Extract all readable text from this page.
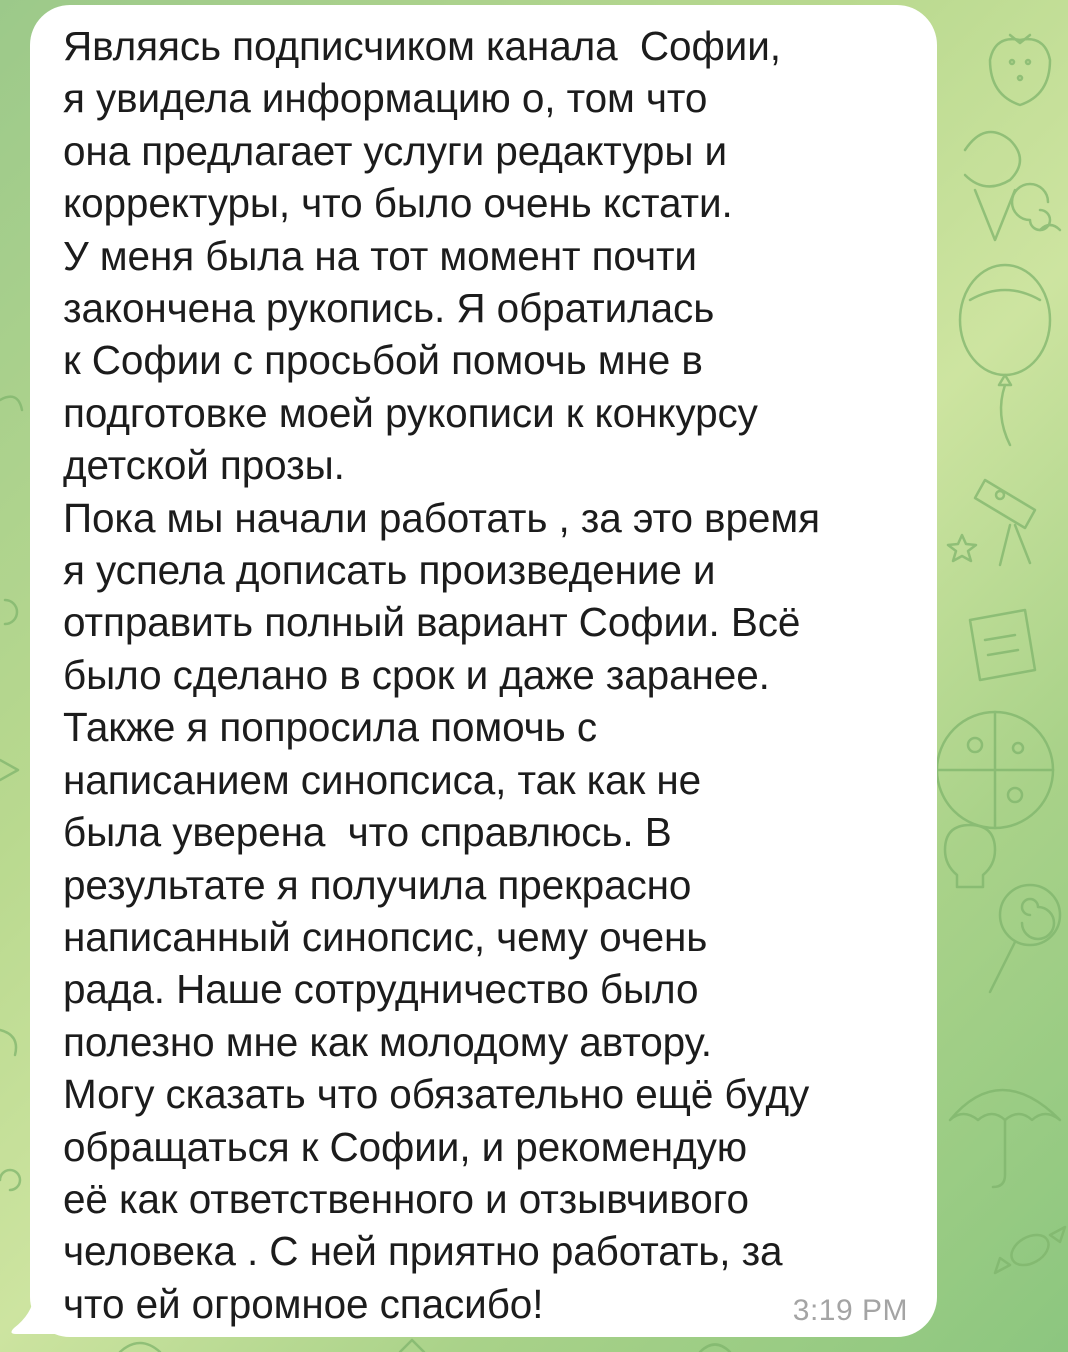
Являясь подписчиком канала  Софии,
я увидела информацию о, том что
она предлагает услуги редактуры и
корректуры, что было очень кстати.
У меня была на тот момент почти
закончена рукопись. Я обратилась
к Софии с просьбой помочь мне в
подготовке моей рукописи к конкурсу
детской прозы.
Пока мы начали работать , за это время
я успела дописать произведение и
отправить полный вариант Софии. Всё
было сделано в срок и даже заранее.
Также я попросила помочь с
написанием синопсиса, так как не
была уверена  что справлюсь. В
результате я получила прекрасно
написанный синопсис, чему очень
рада. Наше сотрудничество было
полезно мне как молодому автору.
Могу сказать что обязательно ещё буду
обращаться к Софии, и рекомендую
её как ответственного и отзывчивого
человека . С ней приятно работать, за
что ей огромное спасибо!	3:19 PM
